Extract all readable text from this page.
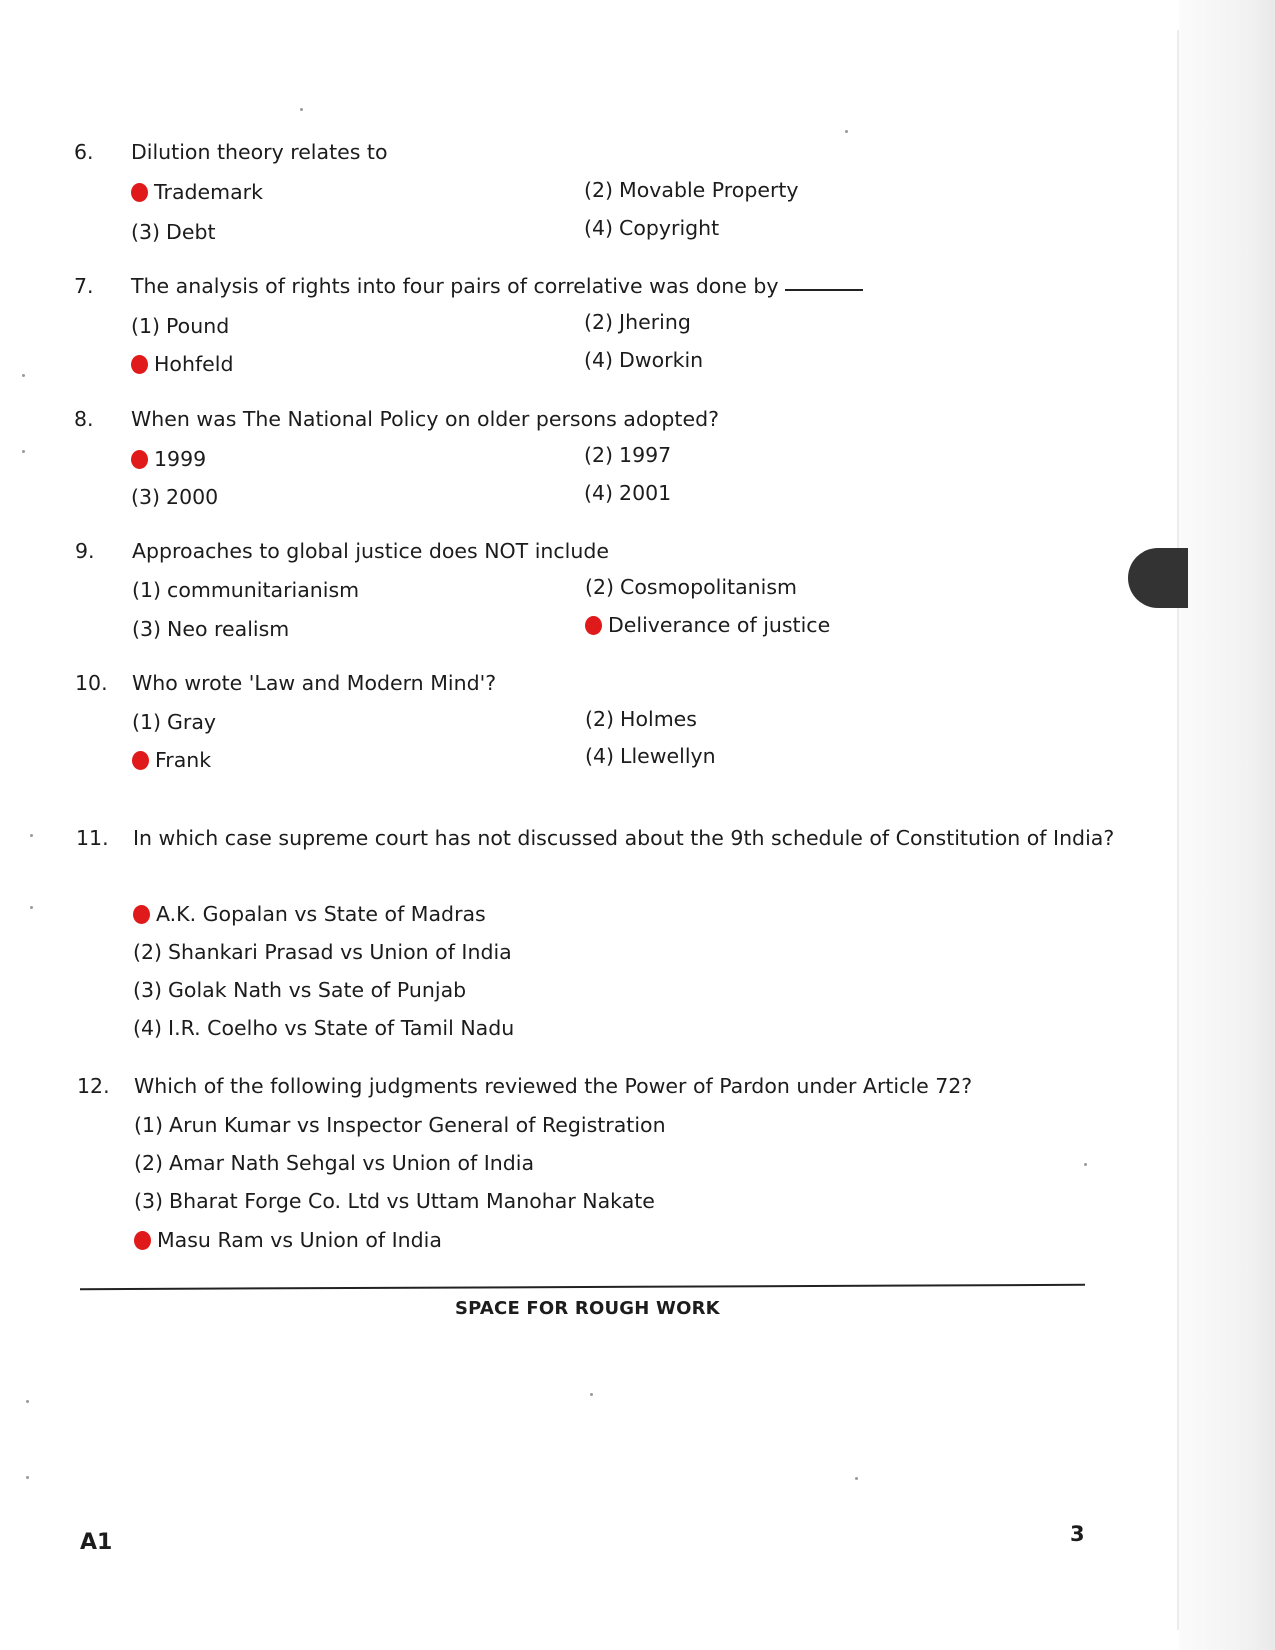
6. Dilution theory relates to
Trademark	(2) Movable Property
(3) Debt	(4) Copyright
7. The analysis of rights into four pairs of correlative was done by
(1) Pound	(2) Jhering
Hohfeld	(4) Dworkin
8. When was The National Policy on older persons adopted?
1999	(2) 1997
(3) 2000	(4) 2001
9. Approaches to global justice does NOT include
(1) communitarianism	(2) Cosmopolitanism
(3) Neo realism	Deliverance of justice
10. Who wrote 'Law and Modern Mind'?
(1) Gray	(2) Holmes
Frank	(4) Llewellyn
11. In which case supreme court has not discussed about the 9th schedule of Constitution of India?
A.K. Gopalan vs State of Madras
(2) Shankari Prasad vs Union of India
(3) Golak Nath vs Sate of Punjab
(4) I.R. Coelho vs State of Tamil Nadu
12. Which of the following judgments reviewed the Power of Pardon under Article 72?
(1) Arun Kumar vs Inspector General of Registration
(2) Amar Nath Sehgal vs Union of India
(3) Bharat Forge Co. Ltd vs Uttam Manohar Nakate
Masu Ram vs Union of India
SPACE FOR ROUGH WORK
A1	3
